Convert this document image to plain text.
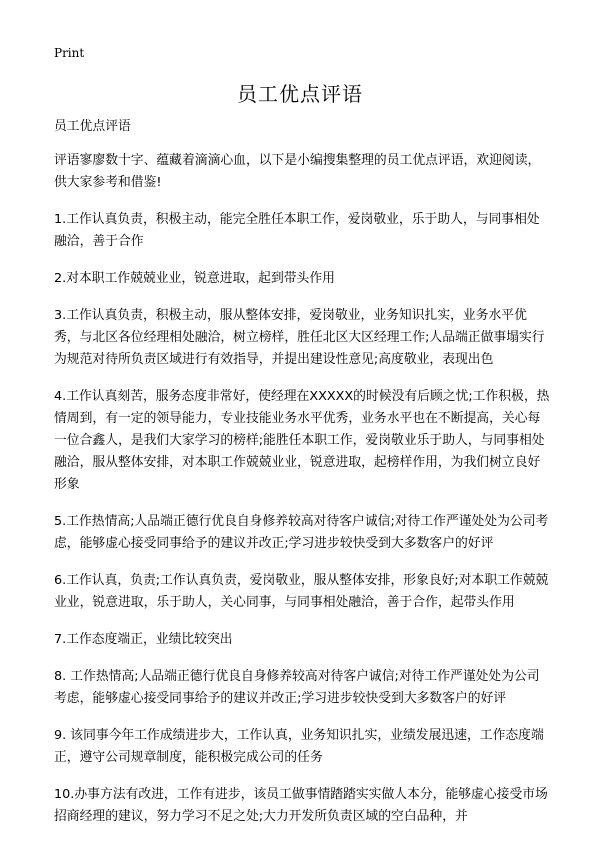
Print
员工优点评语

员工优点评语

评语寥廖数十字、蕴藏着滴滴心血，以下是小编搜集整理的员工优点评语，欢迎阅读，供大家参考和借鉴!

1.工作认真负责，积极主动，能完全胜任本职工作，爱岗敬业，乐于助人，与同事相处融洽，善于合作

2.对本职工作兢兢业业，锐意进取，起到带头作用

3.工作认真负责，积极主动，服从整体安排，爱岗敬业，业务知识扎实，业务水平优秀，与北区各位经理相处融洽，树立榜样，胜任北区大区经理工作;人品端正做事塌实行为规范对待所负责区域进行有效指导，并提出建设性意见;高度敬业，表现出色

4.工作认真刻苦，服务态度非常好，使经理在XXXXX的时候没有后顾之忧;工作积极，热情周到，有一定的领导能力，专业技能业务水平优秀，业务水平也在不断提高，关心每一位合鑫人，是我们大家学习的榜样;能胜任本职工作，爱岗敬业乐于助人，与同事相处融洽，服从整体安排，对本职工作兢兢业业，锐意进取，起榜样作用，为我们树立良好形象

5.工作热情高;人品端正德行优良自身修养较高对待客户诚信;对待工作严谨处处为公司考虑，能够虚心接受同事给予的建议并改正;学习进步较快受到大多数客户的好评

6.工作认真，负责;工作认真负责，爱岗敬业，服从整体安排，形象良好;对本职工作兢兢业业，锐意进取，乐于助人，关心同事，与同事相处融洽，善于合作，起带头作用

7.工作态度端正，业绩比较突出

8. 工作热情高;人品端正德行优良自身修养较高对待客户诚信;对待工作严谨处处为公司考虑，能够虚心接受同事给予的建议并改正;学习进步较快受到大多数客户的好评

9. 该同事今年工作成绩进步大，工作认真，业务知识扎实，业绩发展迅速，工作态度端正，遵守公司规章制度，能积极完成公司的任务

10.办事方法有改进，工作有进步，该员工做事情踏踏实实做人本分，能够虚心接受市场招商经理的建议，努力学习不足之处;大力开发所负责区域的空白品种，并
